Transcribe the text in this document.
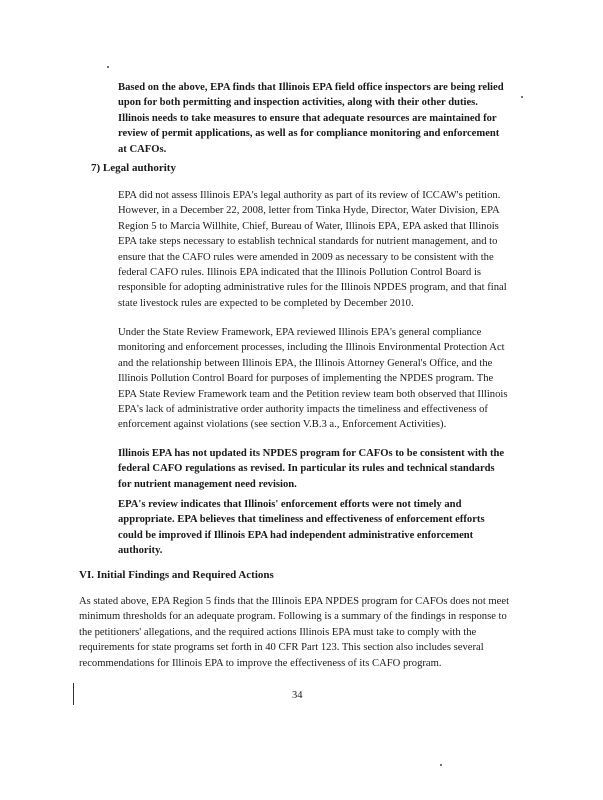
Based on the above, EPA finds that Illinois EPA field office inspectors are being relied upon for both permitting and inspection activities, along with their other duties. Illinois needs to take measures to ensure that adequate resources are maintained for review of permit applications, as well as for compliance monitoring and enforcement at CAFOs.

7) Legal authority

EPA did not assess Illinois EPA's legal authority as part of its review of ICCAW's petition. However, in a December 22, 2008, letter from Tinka Hyde, Director, Water Division, EPA Region 5 to Marcia Willhite, Chief, Bureau of Water, Illinois EPA, EPA asked that Illinois EPA take steps necessary to establish technical standards for nutrient management, and to ensure that the CAFO rules were amended in 2009 as necessary to be consistent with the federal CAFO rules. Illinois EPA indicated that the Illinois Pollution Control Board is responsible for adopting administrative rules for the Illinois NPDES program, and that final state livestock rules are expected to be completed by December 2010.

Under the State Review Framework, EPA reviewed Illinois EPA's general compliance monitoring and enforcement processes, including the Illinois Environmental Protection Act and the relationship between Illinois EPA, the Illinois Attorney General's Office, and the Illinois Pollution Control Board for purposes of implementing the NPDES program. The EPA State Review Framework team and the Petition review team both observed that Illinois EPA's lack of administrative order authority impacts the timeliness and effectiveness of enforcement against violations (see section V.B.3 a., Enforcement Activities).

Illinois EPA has not updated its NPDES program for CAFOs to be consistent with the federal CAFO regulations as revised. In particular its rules and technical standards for nutrient management need revision.

EPA's review indicates that Illinois' enforcement efforts were not timely and appropriate. EPA believes that timeliness and effectiveness of enforcement efforts could be improved if Illinois EPA had independent administrative enforcement authority.

VI. Initial Findings and Required Actions

As stated above, EPA Region 5 finds that the Illinois EPA NPDES program for CAFOs does not meet minimum thresholds for an adequate program. Following is a summary of the findings in response to the petitioners' allegations, and the required actions Illinois EPA must take to comply with the requirements for state programs set forth in 40 CFR Part 123. This section also includes several recommendations for Illinois EPA to improve the effectiveness of its CAFO program.

34
